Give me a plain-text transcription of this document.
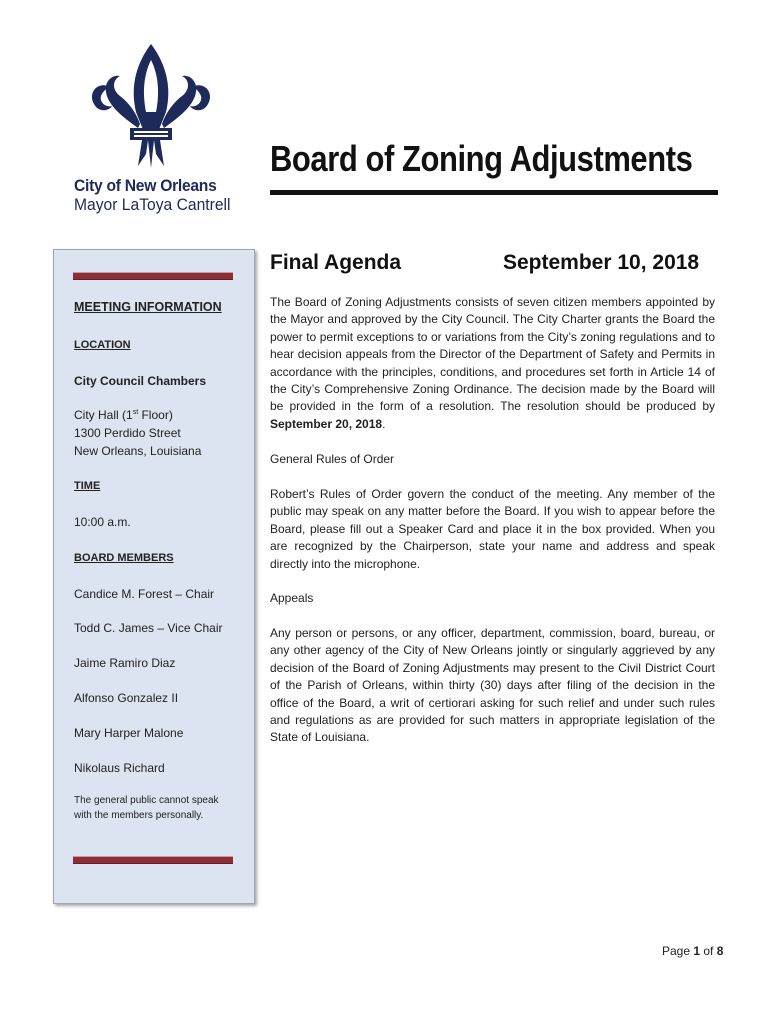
City of New Orleans
Mayor LaToya Cantrell
Board of Zoning Adjustments
MEETING INFORMATION
LOCATION
City Council Chambers
City Hall (1st Floor)
1300 Perdido Street
New Orleans, Louisiana
TIME
10:00 a.m.
BOARD MEMBERS
Candice M. Forest – Chair
Todd C. James – Vice Chair
Jaime Ramiro Diaz
Alfonso Gonzalez II
Mary Harper Malone
Nikolaus Richard
The general public cannot speak with the members personally.
Final Agenda	September 10, 2018
The Board of Zoning Adjustments consists of seven citizen members appointed by the Mayor and approved by the City Council. The City Charter grants the Board the power to permit exceptions to or variations from the City’s zoning regulations and to hear decision appeals from the Director of the Department of Safety and Permits in accordance with the principles, conditions, and procedures set forth in Article 14 of the City’s Comprehensive Zoning Ordinance. The decision made by the Board will be provided in the form of a resolution. The resolution should be produced by September 20, 2018.
General Rules of Order
Robert’s Rules of Order govern the conduct of the meeting. Any member of the public may speak on any matter before the Board. If you wish to appear before the Board, please fill out a Speaker Card and place it in the box provided. When you are recognized by the Chairperson, state your name and address and speak directly into the microphone.
Appeals
Any person or persons, or any officer, department, commission, board, bureau, or any other agency of the City of New Orleans jointly or singularly aggrieved by any decision of the Board of Zoning Adjustments may present to the Civil District Court of the Parish of Orleans, within thirty (30) days after filing of the decision in the office of the Board, a writ of certiorari asking for such relief and under such rules and regulations as are provided for such matters in appropriate legislation of the State of Louisiana.
Page 1 of 8
